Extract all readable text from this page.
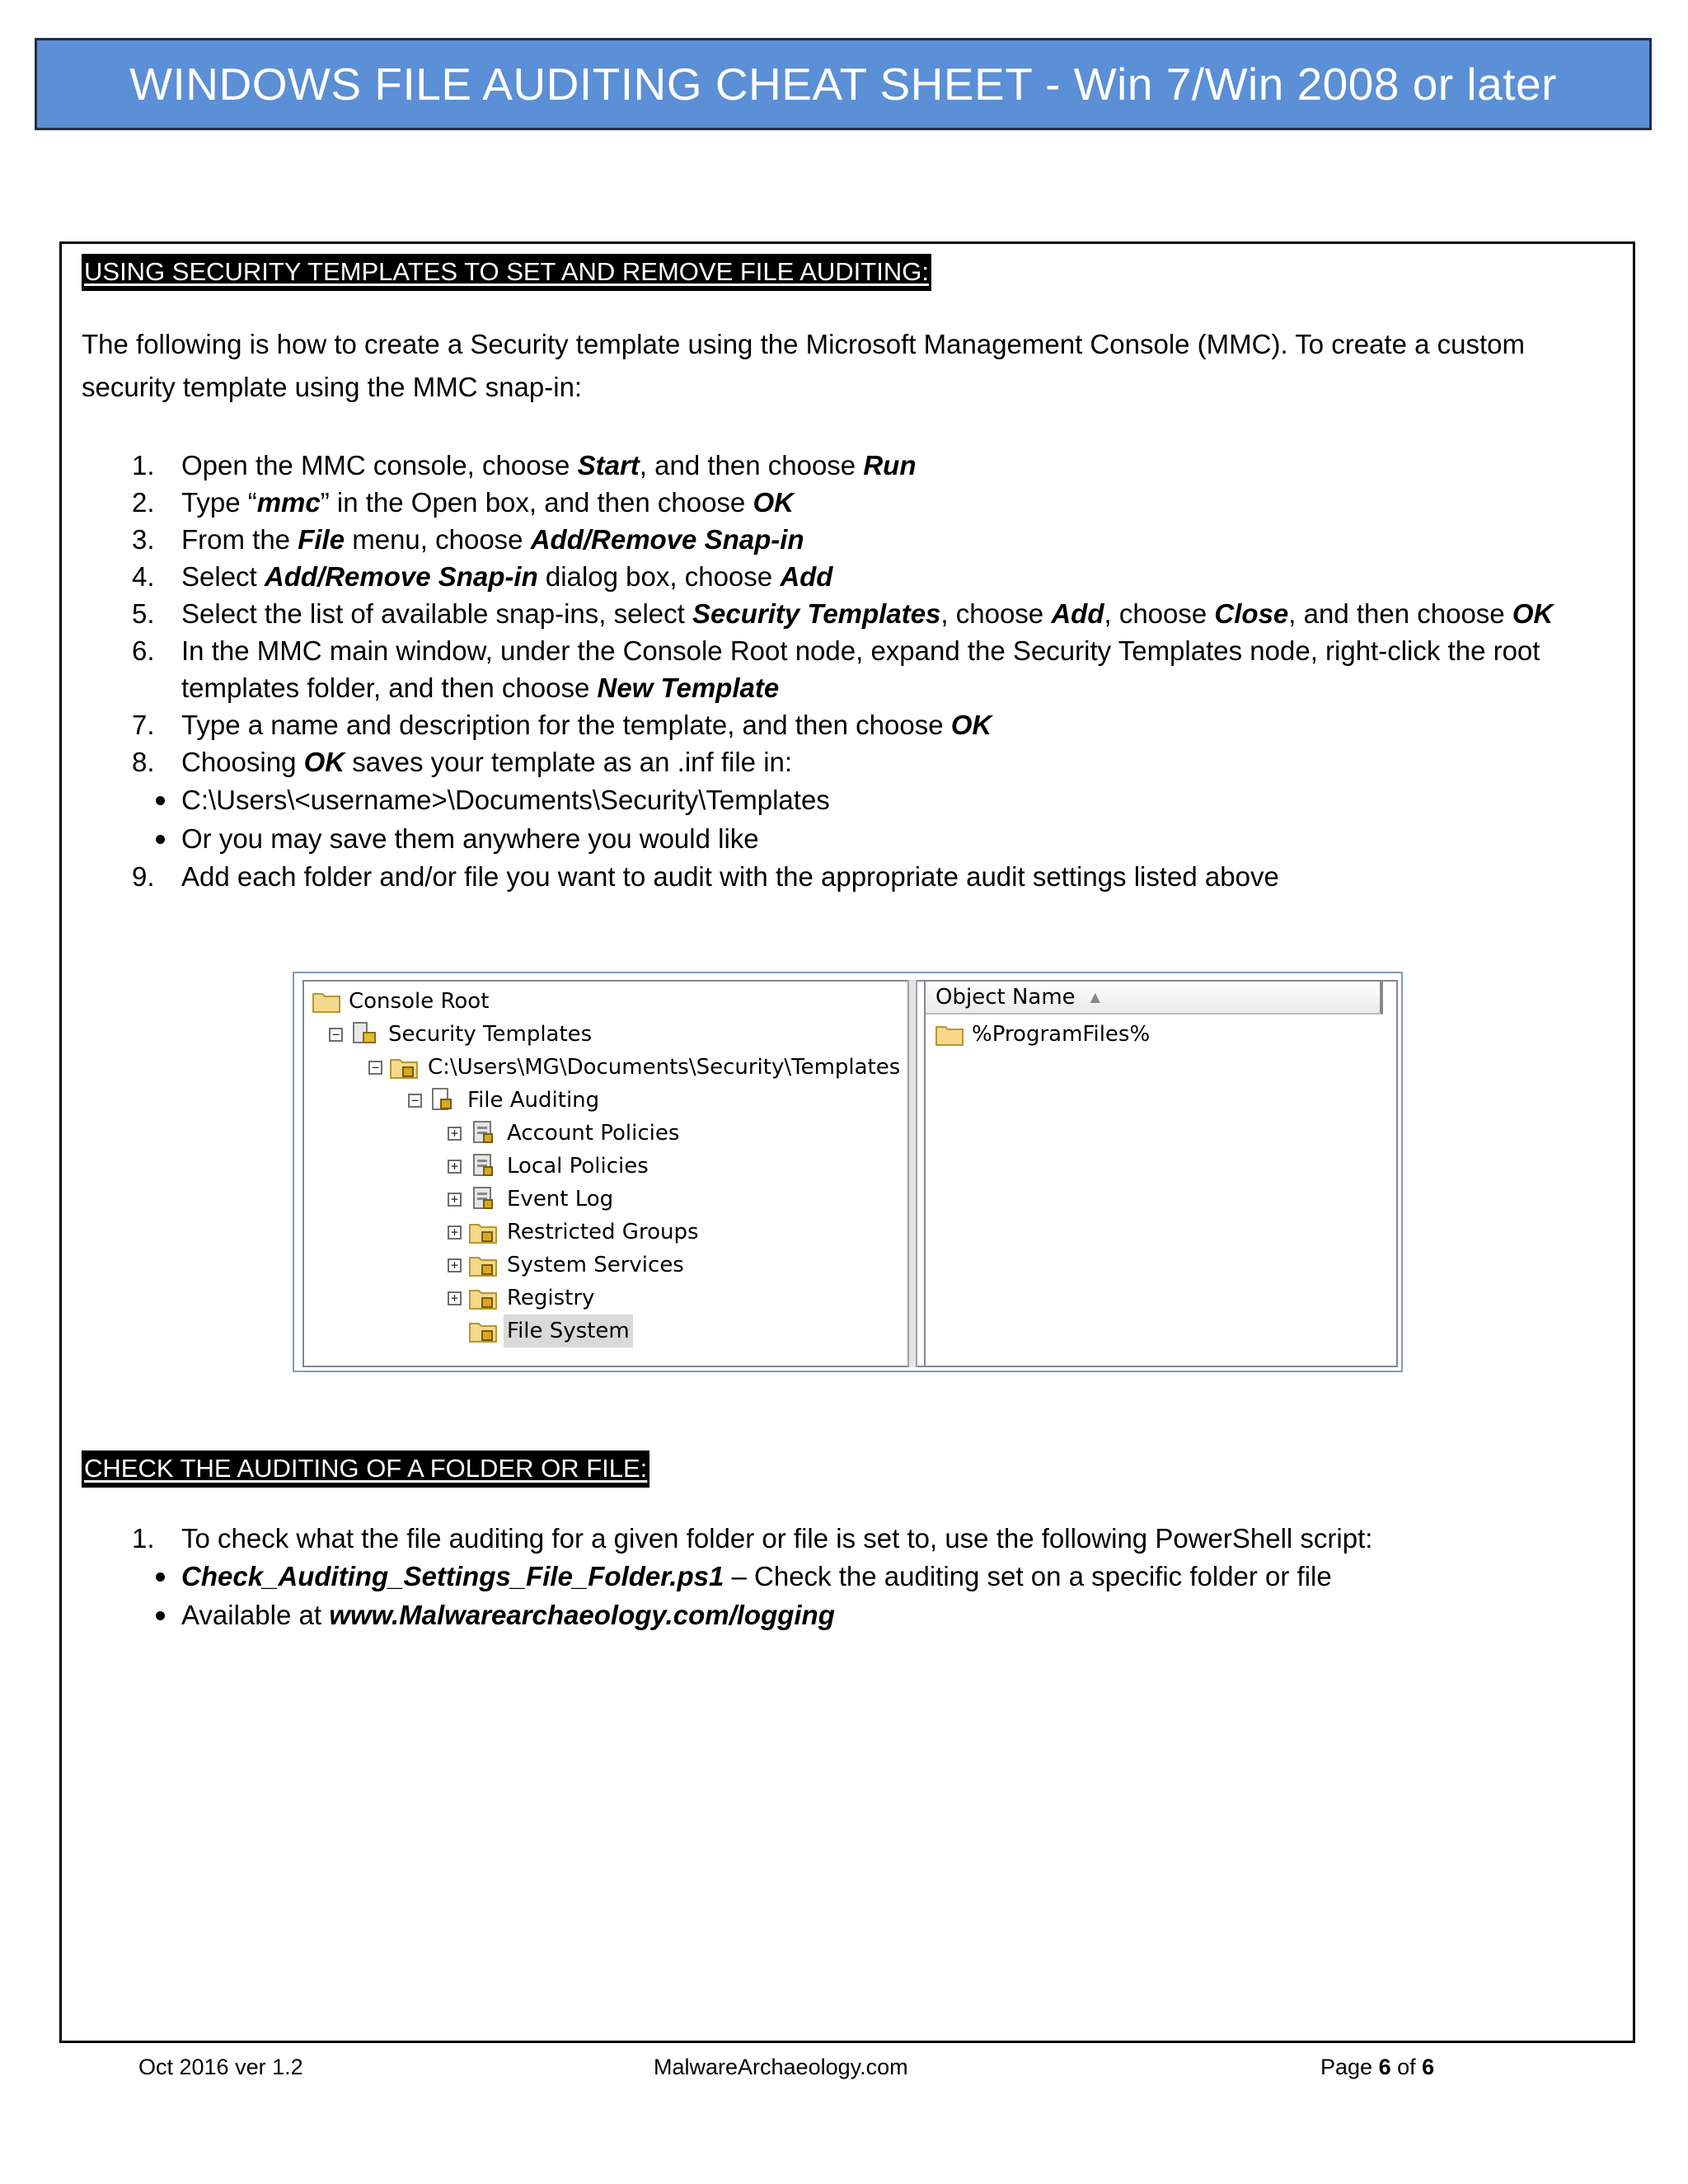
WINDOWS FILE AUDITING CHEAT SHEET - Win 7/Win 2008 or later
USING SECURITY TEMPLATES TO SET AND REMOVE FILE AUDITING:

The following is how to create a Security template using the Microsoft Management Console (MMC). To create a custom security template using the MMC snap-in:

1. Open the MMC console, choose Start, and then choose Run
2. Type “mmc” in the Open box, and then choose OK
3. From the File menu, choose Add/Remove Snap-in
4. Select Add/Remove Snap-in dialog box, choose Add
5. Select the list of available snap-ins, select Security Templates, choose Add, choose Close, and then choose OK
6. In the MMC main window, under the Console Root node, expand the Security Templates node, right-click the root templates folder, and then choose New Template
7. Type a name and description for the template, and then choose OK
8. Choosing OK saves your template as an .inf file in:
C:\Users\<username>\Documents\Security\Templates
Or you may save them anywhere you would like
9. Add each folder and/or file you want to audit with the appropriate audit settings listed above
Console Root
− Security Templates
− C:\Users\MG\Documents\Security\Templates
− File Auditing
+ Account Policies
+ Local Policies
+ Event Log
+ Restricted Groups
+ System Services
+ Registry
File System
Object Name ▲
%ProgramFiles%
CHECK THE AUDITING OF A FOLDER OR FILE:
1. To check what the file auditing for a given folder or file is set to, use the following PowerShell script:
Check_Auditing_Settings_File_Folder.ps1 – Check the auditing set on a specific folder or file
Available at www.Malwarearchaeology.com/logging
Oct 2016 ver 1.2	MalwareArchaeology.com	Page 6 of 6
